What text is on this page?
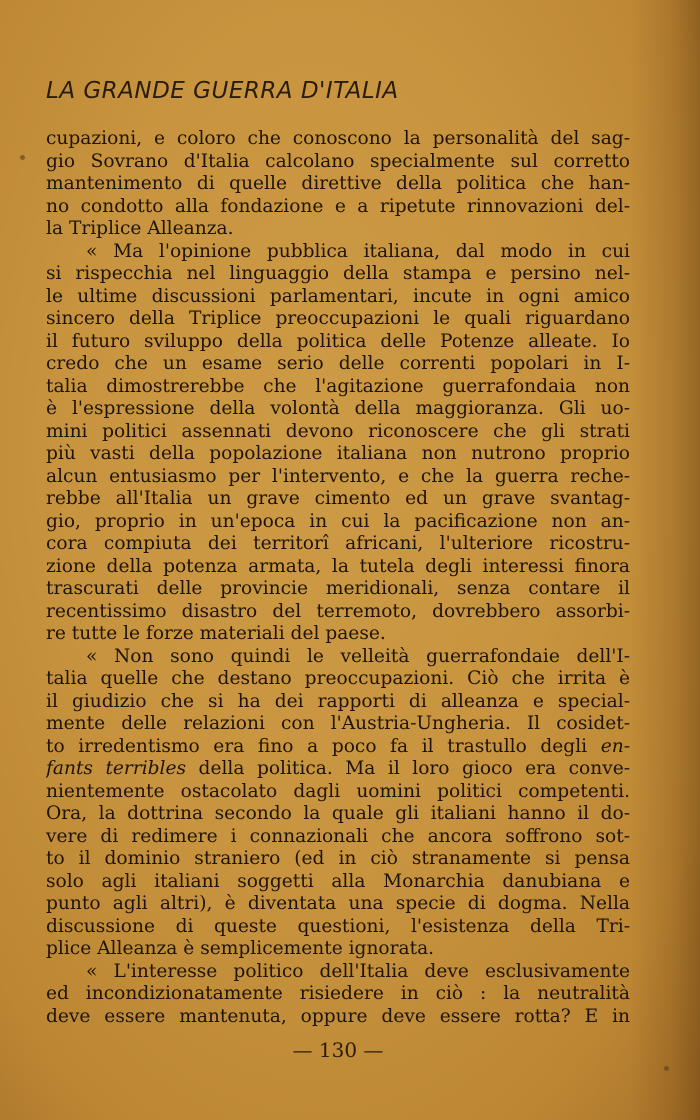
LA GRANDE GUERRA D'ITALIA
cupazioni, e coloro che conoscono la personalità del sag-
gio Sovrano d'Italia calcolano specialmente sul corretto
mantenimento di quelle direttive della politica che han-
no condotto alla fondazione e a ripetute rinnovazioni del-
la Triplice Alleanza.
« Ma l'opinione pubblica italiana, dal modo in cui
si rispecchia nel linguaggio della stampa e persino nel-
le ultime discussioni parlamentari, incute in ogni amico
sincero della Triplice preoccupazioni le quali riguardano
il futuro sviluppo della politica delle Potenze alleate. Io
credo che un esame serio delle correnti popolari in I-
talia dimostrerebbe che l'agitazione guerrafondaia non
è l'espressione della volontà della maggioranza. Gli uo-
mini politici assennati devono riconoscere che gli strati
più vasti della popolazione italiana non nutrono proprio
alcun entusiasmo per l'intervento, e che la guerra reche-
rebbe all'Italia un grave cimento ed un grave svantag-
gio, proprio in un'epoca in cui la pacificazione non an-
cora compiuta dei territorî africani, l'ulteriore ricostru-
zione della potenza armata, la tutela degli interessi finora
trascurati delle provincie meridionali, senza contare il
recentissimo disastro del terremoto, dovrebbero assorbi-
re tutte le forze materiali del paese.
« Non sono quindi le velleità guerrafondaie dell'I-
talia quelle che destano preoccupazioni. Ciò che irrita è
il giudizio che si ha dei rapporti di alleanza e special-
mente delle relazioni con l'Austria-Ungheria. Il cosidet-
to irredentismo era fino a poco fa il trastullo degli en-
fants terribles della politica. Ma il loro gioco era conve-
nientemente ostacolato dagli uomini politici competenti.
Ora, la dottrina secondo la quale gli italiani hanno il do-
vere di redimere i connazionali che ancora soffrono sot-
to il dominio straniero (ed in ciò stranamente si pensa
solo agli italiani soggetti alla Monarchia danubiana e
punto agli altri), è diventata una specie di dogma. Nella
discussione di queste questioni, l'esistenza della Tri-
plice Alleanza è semplicemente ignorata.
« L'interesse politico dell'Italia deve esclusivamente
ed incondizionatamente risiedere in ciò : la neutralità
deve essere mantenuta, oppure deve essere rotta? E in
— 130 —
